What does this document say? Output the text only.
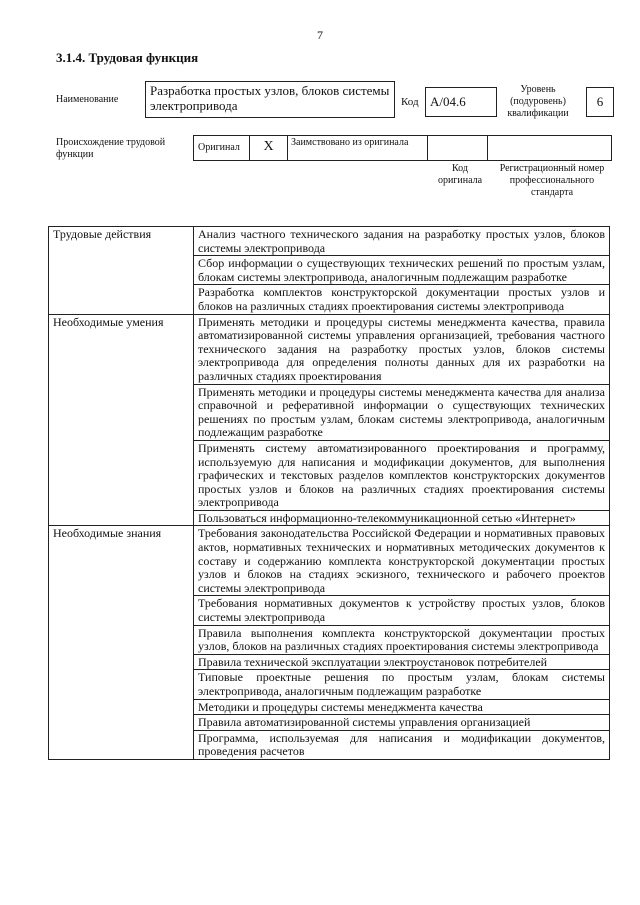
7
3.1.4. Трудовая функция
Наименование
Разработка простых узлов, блоков системы электропривода	Код A/04.6
Уровень (подуровень) квалификации
6
Происхождение трудовой функции
Оригинал	X	Заимствовано из оригинала
Код оригинала
Регистрационный номер профессионального стандарта
Трудовые действия	Анализ частного технического задания на разработку простых узлов, блоков системы электропривода
	Сбор информации о существующих технических решений по простым узлам, блокам системы электропривода, аналогичным подлежащим разработке
	Разработка комплектов конструкторской документации простых узлов и блоков на различных стадиях проектирования системы электропривода
Необходимые умения	Применять методики и процедуры системы менеджмента качества, правила автоматизированной системы управления организацией, требования частного технического задания на разработку простых узлов, блоков системы электропривода для определения полноты данных для их разработки на различных стадиях проектирования
	Применять методики и процедуры системы менеджмента качества для анализа справочной и реферативной информации о существующих технических решениях по простым узлам, блокам системы электропривода, аналогичным подлежащим разработке
	Применять систему автоматизированного проектирования и программу, используемую для написания и модификации документов, для выполнения графических и текстовых разделов комплектов конструкторских документов простых узлов и блоков на различных стадиях проектирования системы электропривода
	Пользоваться информационно-телекоммуникационной сетью «Интернет»
Необходимые знания	Требования законодательства Российской Федерации и нормативных правовых актов, нормативных технических и нормативных методических документов к составу и содержанию комплекта конструкторской документации простых узлов и блоков на стадиях эскизного, технического и рабочего проектов системы электропривода
	Требования нормативных документов к устройству простых узлов, блоков системы электропривода
	Правила выполнения комплекта конструкторской документации простых узлов, блоков на различных стадиях проектирования системы электропривода
	Правила технической эксплуатации электроустановок потребителей
	Типовые проектные решения по простым узлам, блокам системы электропривода, аналогичным подлежащим разработке
	Методики и процедуры системы менеджмента качества
	Правила автоматизированной системы управления организацией
	Программа, используемая для написания и модификации документов, проведения расчетов
